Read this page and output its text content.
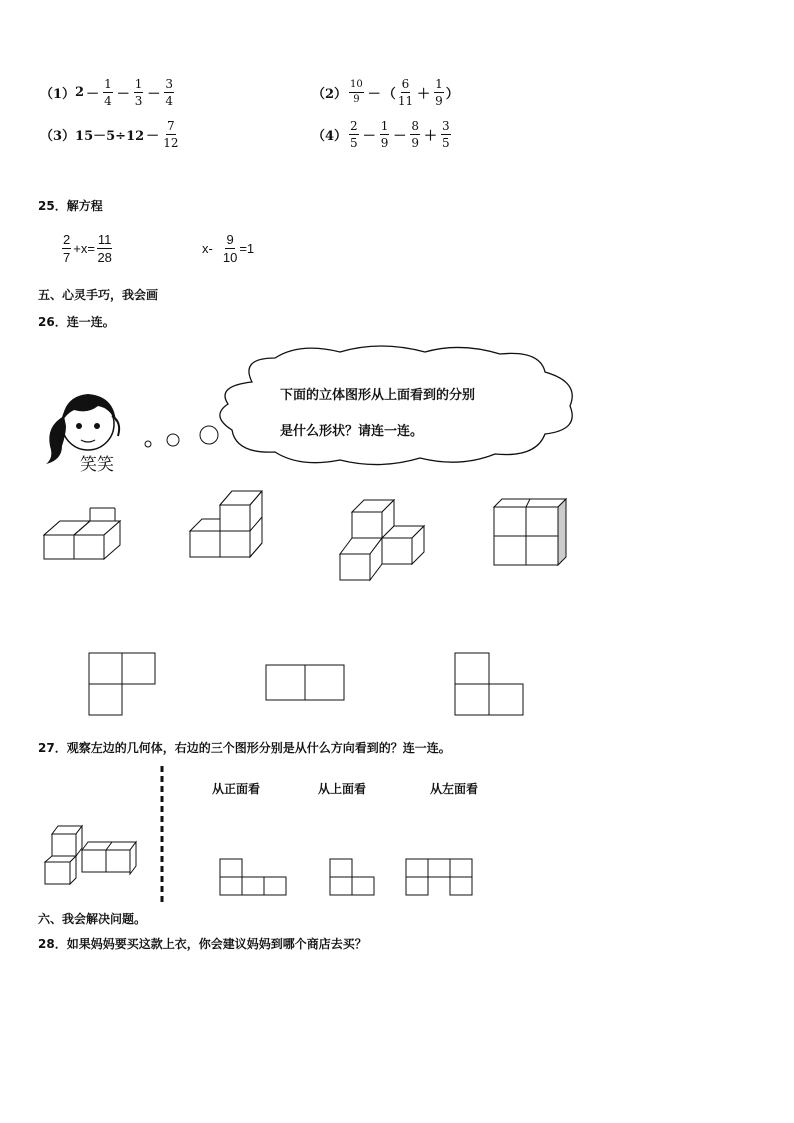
（1） $2 - \frac{1}{4} - \frac{1}{3} - \frac{3}{4}$	$(2) \frac{10}{9}$ － （ $\frac{6}{11} + \frac{1}{9}$ ）
（3） $15-5\div 12 - \frac{7}{12}$	$(4) \frac{2}{5} - \frac{1}{9} - \frac{8}{9} + \frac{3}{5}$
25．解方程
$\frac{2}{7} +x= \frac{11}{28}$	$x- \frac{9}{10} =1$
五、心灵手巧，我会画
26．连一连。
笑笑
下面的立体图形从上面看到的分别
是什么形状？请连一连。
27．观察左边的几何体，右边的三个图形分别是从什么方向看到的？连一连。
从正面看	从上面看	从左面看
六、我会解决问题。
28．如果妈妈要买这款上衣，你会建议妈妈到哪个商店去买？
